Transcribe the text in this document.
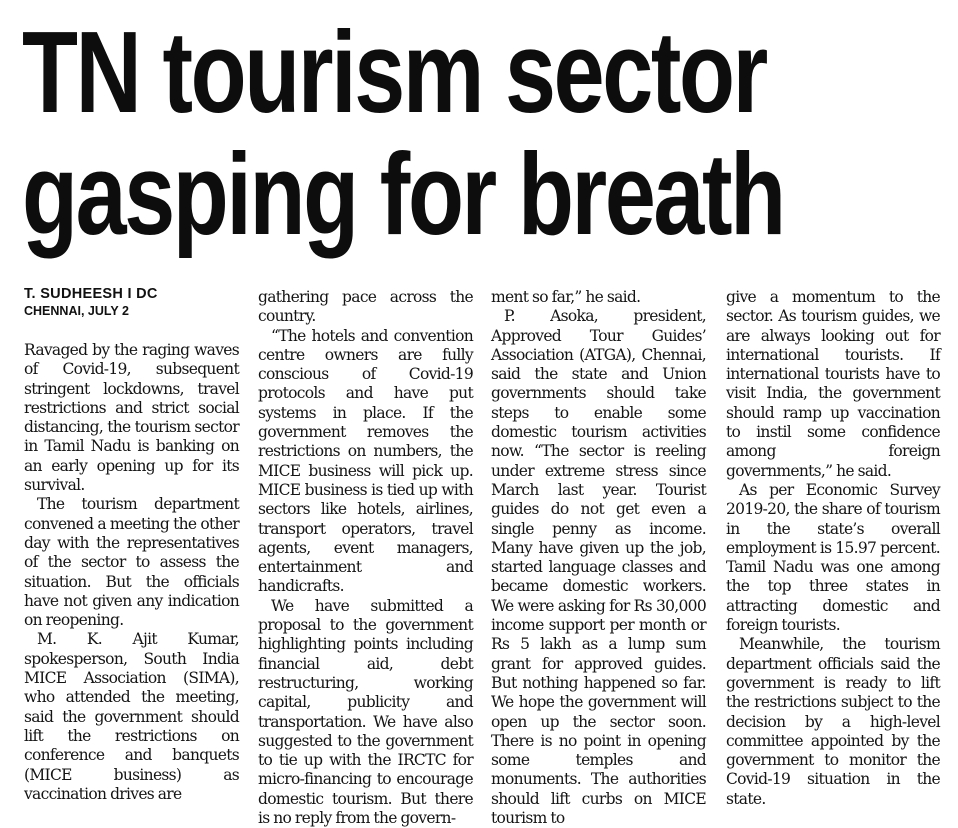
TN tourism sector
gasping for breath
T. SUDHEESH I DC
CHENNAI, JULY 2

Ravaged by the raging waves of Covid-19, subsequent stringent lockdowns, travel restrictions and strict social distancing, the tourism sector in Tamil Nadu is banking on an early opening up for its survival.

The tourism department convened a meeting the other day with the representatives of the sector to assess the situation. But the officials have not given any indication on reopening.

M. K. Ajit Kumar, spokesperson, South India MICE Association (SIMA), who attended the meeting, said the government should lift the restrictions on conference and banquets (MICE business) as vaccination drives are

gathering pace across the country.

“The hotels and convention centre owners are fully conscious of Covid-19 protocols and have put systems in place. If the government removes the restrictions on numbers, the MICE business will pick up. MICE business is tied up with sectors like hotels, airlines, transport operators, travel agents, event managers, entertainment and handicrafts.

We have submitted a proposal to the government highlighting points including financial aid, debt restructuring, working capital, publicity and transportation. We have also suggested to the government to tie up with the IRCTC for micro-financing to encourage domestic tourism. But there is no reply from the govern-

ment so far,” he said.

P. Asoka, president, Approved Tour Guides’ Association (ATGA), Chennai, said the state and Union governments should take steps to enable some domestic tourism activities now. “The sector is reeling under extreme stress since March last year. Tourist guides do not get even a single penny as income. Many have given up the job, started language classes and became domestic workers. We were asking for Rs 30,000 income support per month or Rs 5 lakh as a lump sum grant for approved guides. But nothing happened so far. We hope the government will open up the sector soon. There is no point in opening some temples and monuments. The authorities should lift curbs on MICE tourism to

give a momentum to the sector. As tourism guides, we are always looking out for international tourists. If international tourists have to visit India, the government should ramp up vaccination to instil some confidence among foreign governments,” he said.

As per Economic Survey 2019-20, the share of tourism in the state’s overall employment is 15.97 percent. Tamil Nadu was one among the top three states in attracting domestic and foreign tourists.

Meanwhile, the tourism department officials said the government is ready to lift the restrictions subject to the decision by a high-level committee appointed by the government to monitor the Covid-19 situation in the state.
